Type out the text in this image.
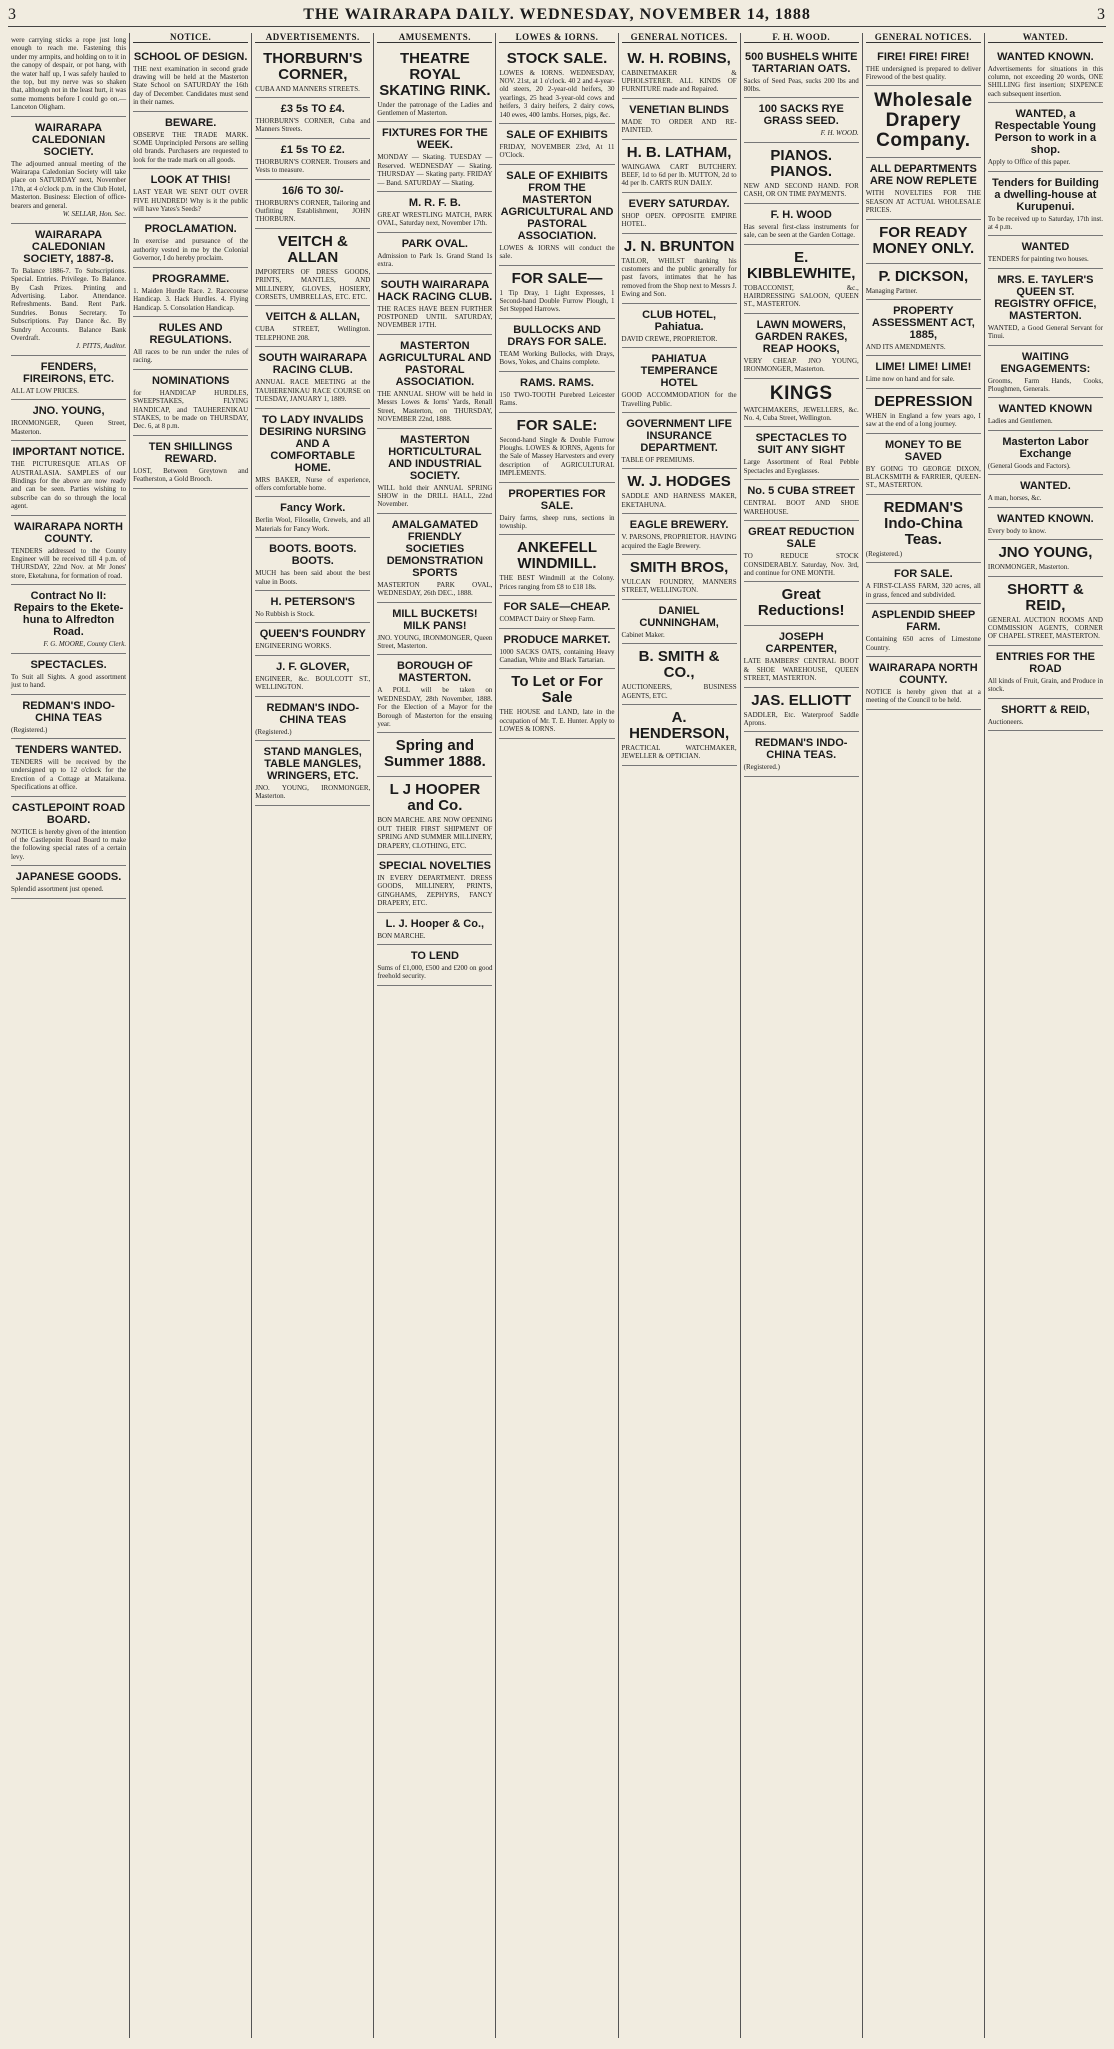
3	THE WAIRARAPA DAILY. WEDNESDAY, NOVEMBER 14, 1888	3
were carrying sticks a rope just long enough to reach me. Fastening this under my armpits, and holding on to it in the canopy of despair, or pot hang, with the water half up, I was safely hauled to the top, but my nerve was so shaken that, although not in the least hurt, it was some moments before I could go on.—Lanceton Oligham.
WAIRARAPA CALEDONIAN SOCIETY.
The adjourned annual meeting of the Wairarapa Caledonian Society will take place on SATURDAY next, November 17th, at 4 o'clock p.m. in the Club Hotel, Masterton. Business: Election of office-bearers and general.
W. SELLAR, Hon. Sec.
WAIRARAPA CALEDONIAN SOCIETY, 1887-8.
To Balance 1886-7. To Subscriptions. Special. Entries. Privilege. To Balance. By Cash Prizes. Printing and Advertising. Labor. Attendance. Refreshments. Band. Rent Park. Sundries. Bonus Secretary. To Subscriptions. Pay Dance &c. By Sundry Accounts. Balance Bank Overdraft.
J. PITTS, Auditor.
FENDERS, FIREIRONS, ETC.
ALL AT LOW PRICES.
JNO. YOUNG,
IRONMONGER, Queen Street, Masterton.
IMPORTANT NOTICE.
THE PICTURESQUE ATLAS OF AUSTRALASIA. SAMPLES of our Bindings for the above are now ready and can be seen. Parties wishing to subscribe can do so through the local agent.
WAIRARAPA NORTH COUNTY.
TENDERS addressed to the County Engineer will be received till 4 p.m. of THURSDAY, 22nd Nov. at Mr Jones' store, Eketahuna, for formation of road.
Contract No II: Repairs to the Eketehuna to Alfredton Road.
F. G. MOORE, County Clerk.
SPECTACLES.
To Suit all Sights. A good assortment just to hand.
REDMAN'S INDO-CHINA TEAS
(Registered.)
TENDERS WANTED.
TENDERS will be received by the undersigned up to 12 o'clock for the Erection of a Cottage at Mataikuna. Specifications at office.
CASTLEPOINT ROAD BOARD.
NOTICE is hereby given of the intention of the Castlepoint Road Board to make the following special rates of a certain levy.
JAPANESE GOODS.
Splendid assortment just opened.
NOTICE.
SCHOOL OF DESIGN.
THE next examination in second grade drawing will be held at the Masterton State School on SATURDAY the 16th day of December. Candidates must send in their names.
BEWARE.
OBSERVE THE TRADE MARK. SOME Unprincipled Persons are selling old brands. Purchasers are requested to look for the trade mark on all goods.
LOOK AT THIS!
LAST YEAR WE SENT OUT OVER FIVE HUNDRED! Why is it the public will have Yates's Seeds?
PROCLAMATION.
In exercise and pursuance of the authority vested in me by the Colonial Governor, I do hereby proclaim.
PROGRAMME.
1. Maiden Hurdle Race. 2. Racecourse Handicap. 3. Hack Hurdles. 4. Flying Handicap. 5. Consolation Handicap.
RULES AND REGULATIONS.
All races to be run under the rules of racing.
NOMINATIONS
for HANDICAP HURDLES, SWEEPSTAKES, FLYING HANDICAP, and TAUHERENIKAU STAKES, to be made on THURSDAY, Dec. 6, at 8 p.m.
TEN SHILLINGS REWARD.
LOST, Between Greytown and Featherston, a Gold Brooch.
ADVERTISEMENTS.
THORBURN'S CORNER,
CUBA AND MANNERS STREETS.
£3 5s TO £4.
THORBURN'S CORNER, Cuba and Manners Streets.
£1 5s TO £2.
THORBURN'S CORNER. Trousers and Vests to measure.
16/6 TO 30/-
THORBURN'S CORNER, Tailoring and Outfitting Establishment, JOHN THORBURN.
VEITCH & ALLAN
IMPORTERS OF DRESS GOODS, PRINTS, MANTLES, AND MILLINERY, GLOVES, HOSIERY, CORSETS, UMBRELLAS, ETC. ETC.
VEITCH & ALLAN,
CUBA STREET, Wellington. TELEPHONE 208.
SOUTH WAIRARAPA RACING CLUB.
ANNUAL RACE MEETING at the TAUHERENIKAU RACE COURSE on TUESDAY, JANUARY 1, 1889.
TO LADY INVALIDS DESIRING NURSING AND A COMFORTABLE HOME.
MRS BAKER, Nurse of experience, offers comfortable home.
Fancy Work.
Berlin Wool, Filoselle, Crewels, and all Materials for Fancy Work.
BOOTS. BOOTS. BOOTS.
MUCH has been said about the best value in Boots.
H. PETERSON'S
No Rubbish is Stock.
QUEEN'S FOUNDRY
ENGINEERING WORKS.
J. F. GLOVER,
ENGINEER, &c. BOULCOTT ST., WELLINGTON.
REDMAN'S INDO-CHINA TEAS
(Registered.)
STAND MANGLES, TABLE MANGLES, WRINGERS, ETC.
JNO. YOUNG, IRONMONGER, Masterton.
AMUSEMENTS.
THEATRE ROYAL SKATING RINK.
Under the patronage of the Ladies and Gentlemen of Masterton.
FIXTURES FOR THE WEEK.
MONDAY — Skating. TUESDAY — Reserved. WEDNESDAY — Skating. THURSDAY — Skating party. FRIDAY — Band. SATURDAY — Skating.
M. R. F. B.
GREAT WRESTLING MATCH, PARK OVAL, Saturday next, November 17th.
PARK OVAL.
Admission to Park 1s. Grand Stand 1s extra.
SOUTH WAIRARAPA HACK RACING CLUB.
THE RACES HAVE BEEN FURTHER POSTPONED UNTIL SATURDAY, NOVEMBER 17TH.
MASTERTON AGRICULTURAL AND PASTORAL ASSOCIATION.
THE ANNUAL SHOW will be held in Messrs Lowes & Iorns' Yards, Renall Street, Masterton, on THURSDAY, NOVEMBER 22nd, 1888.
MASTERTON HORTICULTURAL AND INDUSTRIAL SOCIETY.
WILL hold their ANNUAL SPRING SHOW in the DRILL HALL, 22nd November.
AMALGAMATED FRIENDLY SOCIETIES DEMONSTRATION SPORTS
MASTERTON PARK OVAL, WEDNESDAY, 26th DEC., 1888.
MILL BUCKETS! MILK PANS!
JNO. YOUNG, IRONMONGER, Queen Street, Masterton.
BOROUGH OF MASTERTON.
A POLL will be taken on WEDNESDAY, 28th November, 1888. For the Election of a Mayor for the Borough of Masterton for the ensuing year.
Spring and Summer 1888.
L J HOOPER and Co.
BON MARCHE. ARE NOW OPENING OUT THEIR FIRST SHIPMENT OF SPRING AND SUMMER MILLINERY, DRAPERY, CLOTHING, ETC.
SPECIAL NOVELTIES
IN EVERY DEPARTMENT. DRESS GOODS, MILLINERY, PRINTS, GINGHAMS, ZEPHYRS, FANCY DRAPERY, ETC.
L. J. Hooper & Co.,
BON MARCHE.
TO LEND
Sums of £1,000, £500 and £200 on good freehold security.
LOWES & IORNS.
STOCK SALE.
LOWES & IORNS. WEDNESDAY, NOV. 21st, at 1 o'clock. 40 2 and 4-year-old steers, 20 2-year-old heifers, 30 yearlings, 25 head 3-year-old cows and heifers, 3 dairy heifers, 2 dairy cows, 140 ewes, 400 lambs. Horses, pigs, &c.
SALE OF EXHIBITS
FRIDAY, NOVEMBER 23rd, At 11 O'Clock.
SALE OF EXHIBITS FROM THE MASTERTON AGRICULTURAL AND PASTORAL ASSOCIATION.
LOWES & IORNS will conduct the sale.
FOR SALE—
1 Tip Dray, 1 Light Expresses, 1 Second-hand Double Furrow Plough, 1 Set Stepped Harrows.
BULLOCKS AND DRAYS FOR SALE.
TEAM Working Bullocks, with Drays, Bows, Yokes, and Chains complete.
RAMS. RAMS.
150 TWO-TOOTH Purebred Leicester Rams.
FOR SALE:
Second-hand Single & Double Furrow Ploughs. LOWES & IORNS, Agents for the Sale of Massey Harvesters and every description of AGRICULTURAL IMPLEMENTS.
PROPERTIES FOR SALE.
Dairy farms, sheep runs, sections in township.
ANKEFELL WINDMILL.
THE BEST Windmill at the Colony. Prices ranging from £8 to £18 18s.
FOR SALE—CHEAP.
COMPACT Dairy or Sheep Farm.
PRODUCE MARKET.
1000 SACKS OATS, containing Heavy Canadian, White and Black Tartarian.
To Let or For Sale
THE HOUSE and LAND, late in the occupation of Mr. T. E. Hunter. Apply to LOWES & IORNS.
GENERAL NOTICES.
W. H. ROBINS,
CABINETMAKER & UPHOLSTERER. ALL KINDS OF FURNITURE made and Repaired.
VENETIAN BLINDS
MADE TO ORDER AND RE-PAINTED.
H. B. LATHAM,
WAINGAWA CART BUTCHERY. BEEF, 1d to 6d per lb. MUTTON, 2d to 4d per lb. CARTS RUN DAILY.
EVERY SATURDAY.
SHOP OPEN. OPPOSITE EMPIRE HOTEL.
J. N. BRUNTON
TAILOR, WHILST thanking his customers and the public generally for past favors, intimates that he has removed from the Shop next to Messrs J. Ewing and Son.
CLUB HOTEL, Pahiatua.
DAVID CREWE, PROPRIETOR.
PAHIATUA TEMPERANCE HOTEL
GOOD ACCOMMODATION for the Travelling Public.
GOVERNMENT LIFE INSURANCE DEPARTMENT.
TABLE OF PREMIUMS.
W. J. HODGES
SADDLE AND HARNESS MAKER, EKETAHUNA.
EAGLE BREWERY.
V. PARSONS, PROPRIETOR. HAVING acquired the Eagle Brewery.
SMITH BROS,
VULCAN FOUNDRY, MANNERS STREET, WELLINGTON.
DANIEL CUNNINGHAM,
Cabinet Maker.
B. SMITH & CO.,
AUCTIONEERS, BUSINESS AGENTS, ETC.
A. HENDERSON,
PRACTICAL WATCHMAKER, JEWELLER & OPTICIAN.
F. H. WOOD.
500 BUSHELS WHITE TARTARIAN OATS.
Sacks of Seed Peas, sucks 200 lbs and 80lbs.
100 SACKS RYE GRASS SEED.
F. H. WOOD.
PIANOS. PIANOS.
NEW AND SECOND HAND. FOR CASH, OR ON TIME PAYMENTS.
F. H. WOOD
Has several first-class instruments for sale, can be seen at the Garden Cottage.
E. KIBBLEWHITE,
TOBACCONIST, &c., HAIRDRESSING SALOON, QUEEN ST., MASTERTON.
LAWN MOWERS, GARDEN RAKES, REAP HOOKS,
VERY CHEAP. JNO YOUNG, IRONMONGER, Masterton.
KINGS
WATCHMAKERS, JEWELLERS, &c. No. 4, Cuba Street, Wellington.
SPECTACLES TO SUIT ANY SIGHT
Large Assortment of Real Pebble Spectacles and Eyeglasses.
No. 5 CUBA STREET
CENTRAL BOOT AND SHOE WAREHOUSE.
GREAT REDUCTION SALE
TO REDUCE STOCK CONSIDERABLY. Saturday, Nov. 3rd, and continue for ONE MONTH.
Great Reductions!
JOSEPH CARPENTER,
LATE BAMBERS' CENTRAL BOOT & SHOE WAREHOUSE, QUEEN STREET, MASTERTON.
JAS. ELLIOTT
SADDLER, Etc. Waterproof Saddle Aprons.
REDMAN'S INDO-CHINA TEAS.
(Registered.)
GENERAL NOTICES.
FIRE! FIRE! FIRE!
THE undersigned is prepared to deliver Firewood of the best quality.
Wholesale Drapery Company.
ALL DEPARTMENTS ARE NOW REPLETE
WITH NOVELTIES FOR THE SEASON AT ACTUAL WHOLESALE PRICES.
FOR READY MONEY ONLY.
P. DICKSON,
Managing Partner.
PROPERTY ASSESSMENT ACT, 1885,
AND ITS AMENDMENTS.
LIME! LIME! LIME!
Lime now on hand and for sale.
DEPRESSION
WHEN in England a few years ago, I saw at the end of a long journey.
MONEY TO BE SAVED
BY GOING TO GEORGE DIXON, BLACKSMITH & FARRIER, QUEEN-ST., MASTERTON.
REDMAN'S Indo-China Teas.
(Registered.)
FOR SALE.
A FIRST-CLASS FARM, 320 acres, all in grass, fenced and subdivided.
ASPLENDID SHEEP FARM.
Containing 650 acres of Limestone Country.
WAIRARAPA NORTH COUNTY.
NOTICE is hereby given that at a meeting of the Council to be held.
WANTED.
WANTED KNOWN.
Advertisements for situations in this column, not exceeding 20 words, ONE SHILLING first insertion; SIXPENCE each subsequent insertion.
WANTED, a Respectable Young Person to work in a shop.
Apply to Office of this paper.
Tenders for Building a dwelling-house at Kurupenui.
To be received up to Saturday, 17th inst. at 4 p.m.
WANTED
TENDERS for painting two houses.
MRS. E. TAYLER'S QUEEN ST. REGISTRY OFFICE, MASTERTON.
WANTED, a Good General Servant for Tinui.
WAITING ENGAGEMENTS:
Grooms, Farm Hands, Cooks, Ploughmen, Generals.
WANTED KNOWN
Ladies and Gentlemen.
Masterton Labor Exchange
(General Goods and Factors).
WANTED.
A man, horses, &c.
WANTED KNOWN.
Every body to know.
JNO YOUNG,
IRONMONGER, Masterton.
SHORTT & REID,
GENERAL AUCTION ROOMS AND COMMISSION AGENTS, CORNER OF CHAPEL STREET, MASTERTON.
ENTRIES FOR THE ROAD
All kinds of Fruit, Grain, and Produce in stock.
SHORTT & REID,
Auctioneers.
